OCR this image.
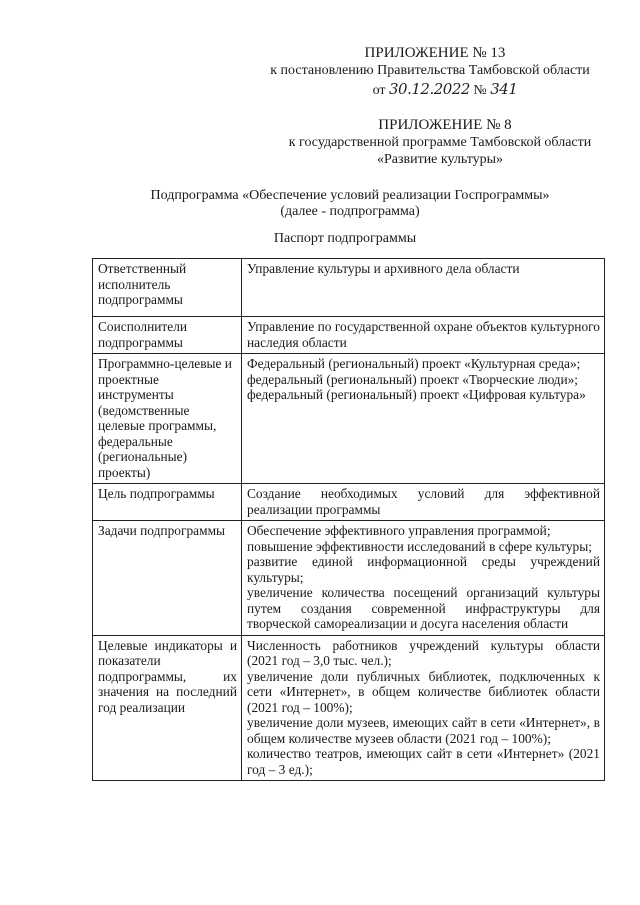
ПРИЛОЖЕНИЕ № 13
к постановлению Правительства Тамбовской области
от 30.12.2022 № 341
ПРИЛОЖЕНИЕ № 8
к государственной программе Тамбовской области
«Развитие культуры»
Подпрограмма «Обеспечение условий реализации Госпрограммы»
(далее - подпрограмма)
Паспорт подпрограммы
Ответственный исполнитель подпрограммы	Управление культуры и архивного дела области

Соисполнители подпрограммы	Управление по государственной охране объектов культурного наследия области

Программно-целевые и проектные инструменты (ведомственные целевые программы, федеральные (региональные) проекты)	Федеральный (региональный) проект «Культурная среда»;
федеральный (региональный) проект «Творческие люди»;
федеральный (региональный) проект «Цифровая культура»

Цель подпрограммы	Создание необходимых условий для эффективной реализации программы

Задачи подпрограммы	Обеспечение эффективного управления программой;
повышение эффективности исследований в сфере культуры;
развитие единой информационной среды учреждений культуры;
увеличение количества посещений организаций культуры путем создания современной инфраструктуры для творческой самореализации и досуга населения области

Целевые индикаторы и показатели подпрограммы, их значения на последний год реализации	Численность работников учреждений культуры области (2021 год – 3,0 тыс. чел.);
увеличение доли публичных библиотек, подключенных к сети «Интернет», в общем количестве библиотек области (2021 год – 100%);
увеличение доли музеев, имеющих сайт в сети «Интернет», в общем количестве музеев области (2021 год – 100%);
количество театров, имеющих сайт в сети «Интернет» (2021 год – 3 ед.);
